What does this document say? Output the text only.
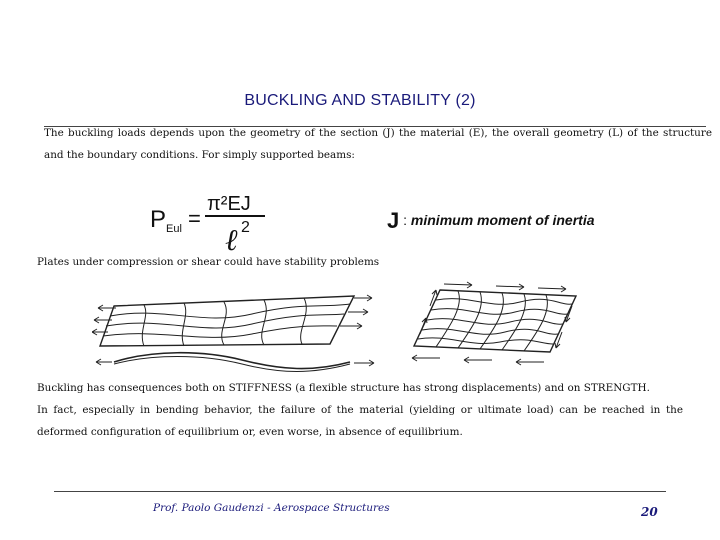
BUCKLING AND STABILITY (2)
The buckling loads depends upon the geometry of the section (J) the material (E), the overall geometry (L) of the structure and the boundary conditions. For simply supported beams:
P Eul =
π²EJ
ℓ 2	J : minimum moment of inertia
Plates under compression or shear could have stability problems
Buckling has consequences both on STIFFNESS (a flexible structure has strong displacements) and on STRENGTH.
In fact, especially in bending behavior, the failure of the material (yielding or ultimate load) can be reached in the deformed configuration of equilibrium or, even worse, in absence of equilibrium.
Prof. Paolo Gaudenzi - Aerospace Structures	20
